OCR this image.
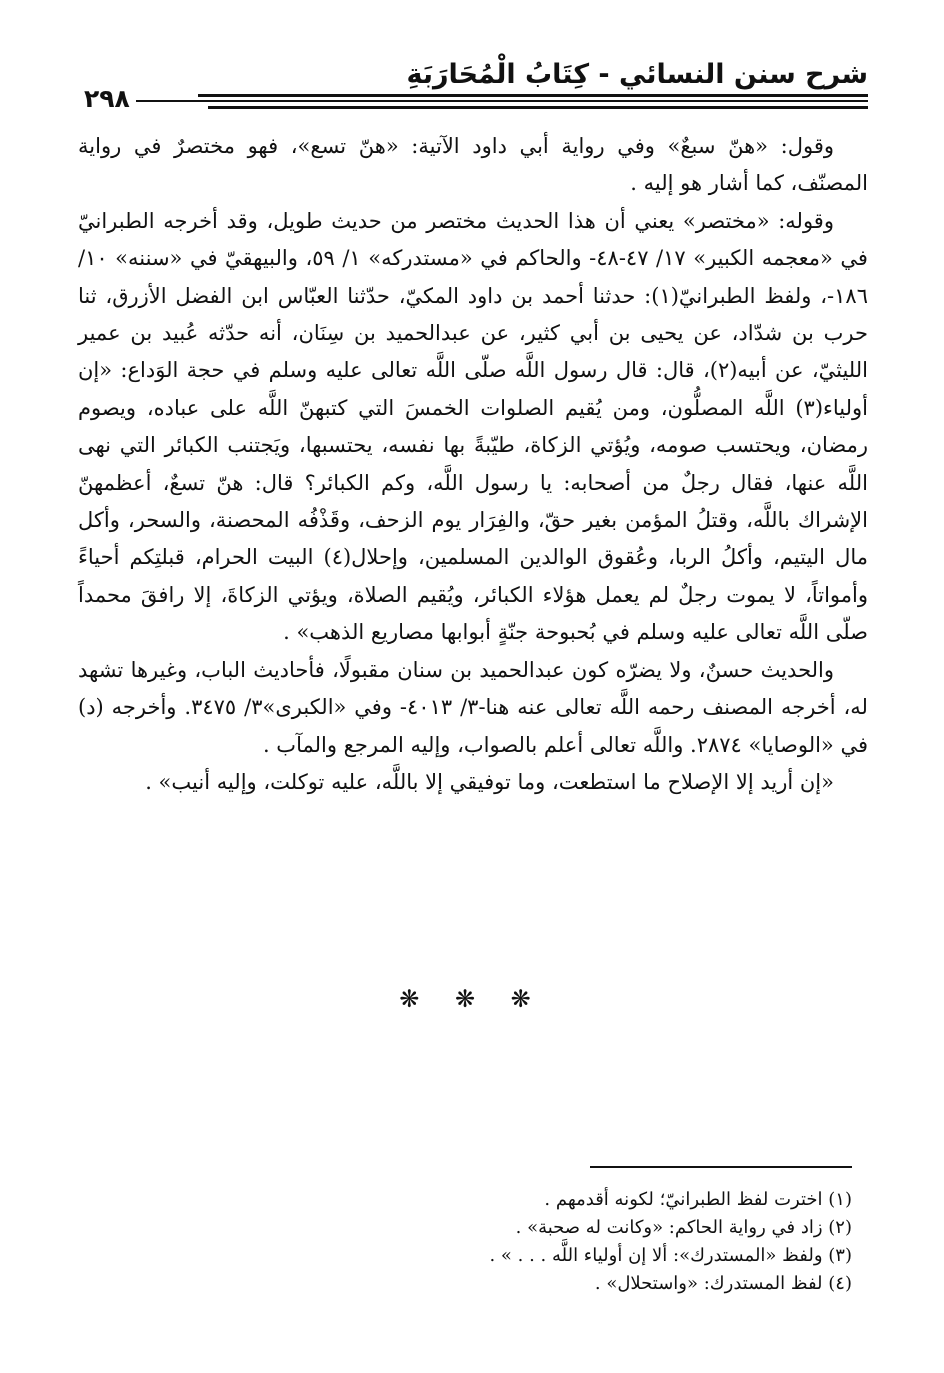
شرح سنن النسائي - كِتَابُ الْمُحَارَبَةِ
٢٩٨

وقول: «هنّ سبعٌ» وفي رواية أبي داود الآتية: «هنّ تسع»، فهو مختصرٌ في رواية المصنّف، كما أشار هو إليه .

وقوله: «مختصر» يعني أن هذا الحديث مختصر من حديث طويل، وقد أخرجه الطبرانيّ في «معجمه الكبير» ١٧/ ٤٧-٤٨- والحاكم في «مستدركه» ١/ ٥٩، والبيهقيّ في «سننه» ١٠/ ١٨٦-، ولفظ الطبرانيّ(١): حدثنا أحمد بن داود المكيّ، حدّثنا العبّاس ابن الفضل الأزرق، ثنا حرب بن شدّاد، عن يحيى بن أبي كثير، عن عبدالحميد بن سِنَان، أنه حدّثه عُبيد بن عمير الليثيّ، عن أبيه(٢)، قال: قال رسول اللَّه صلّى اللَّه تعالى عليه وسلم في حجة الوَداع: «إن أولياء(٣) اللَّه المصلُّون، ومن يُقيم الصلوات الخمسَ التي كتبهنّ اللَّه على عباده، ويصوم رمضان، ويحتسب صومه، ويُؤتي الزكاة، طيّبةً بها نفسه، يحتسبها، ويَجتنب الكبائر التي نهى اللَّه عنها، فقال رجلٌ من أصحابه: يا رسول اللَّه، وكم الكبائر؟ قال: هنّ تسعٌ، أعظمهنّ الإشراك باللَّه، وقتلُ المؤمن بغير حقّ، والفِرَار يوم الزحف، وقَذْفُه المحصنة، والسحر، وأكل مال اليتيم، وأكلُ الربا، وعُقوق الوالدين المسلمين، وإحلال(٤) البيت الحرام، قبلتِكم أحياءً وأمواتاً، لا يموت رجلٌ لم يعمل هؤلاء الكبائر، ويُقيم الصلاة، ويؤتي الزكاةَ، إلا رافقَ محمداً صلّى اللَّه تعالى عليه وسلم في بُحبوحة جنّةٍ أبوابها مصاريع الذهب» .

والحديث حسنٌ، ولا يضرّه كون عبدالحميد بن سنان مقبولًا، فأحاديث الباب، وغيرها تشهد له، أخرجه المصنف رحمه اللَّه تعالى عنه هنا-٣/ ٤٠١٣- وفي «الكبرى»٣/ ٣٤٧٥. وأخرجه (د) في «الوصايا» ٢٨٧٤. واللَّه تعالى أعلم بالصواب، وإليه المرجع والمآب .

«إن أريد إلا الإصلاح ما استطعت، وما توفيقي إلا باللَّه، عليه توكلت، وإليه أنيب» .

❋ ❋ ❋
(١) اخترت لفظ الطبرانيّ؛ لكونه أقدمهم .
(٢) زاد في رواية الحاكم: «وكانت له صحبة» .
(٣) ولفظ «المستدرك»: ألا إن أولياء اللَّه . . . » .
(٤) لفظ المستدرك: «واستحلال» .
